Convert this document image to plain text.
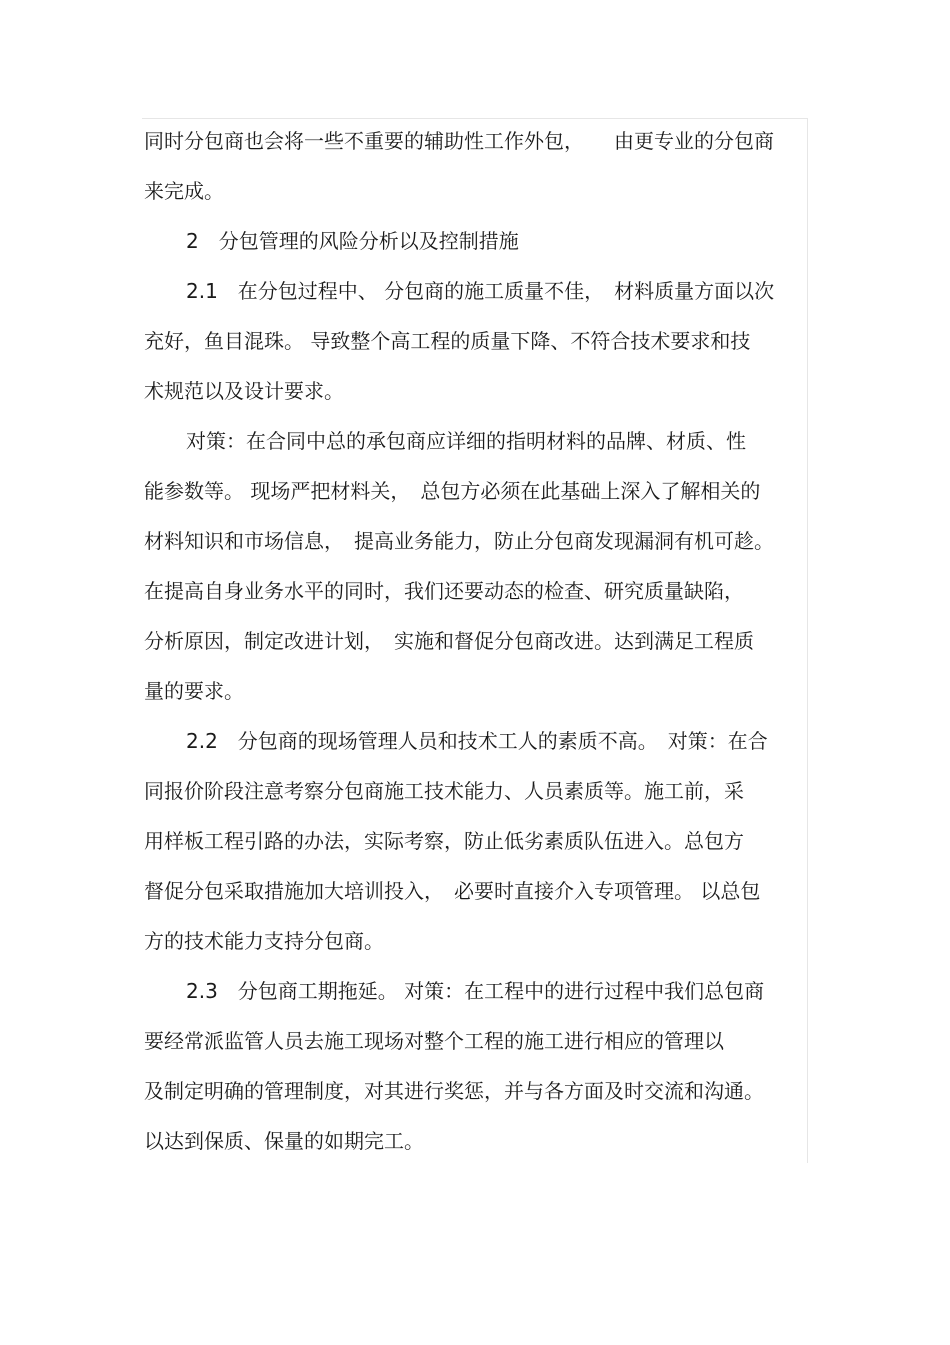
同时分包商也会将一些不重要的辅助性工作外包，　　由更专业的分包商
来完成。
2　分包管理的风险分析以及控制措施
2.1　在分包过程中、 分包商的施工质量不佳，　材料质量方面以次
充好，鱼目混珠。 导致整个高工程的质量下降、不符合技术要求和技
术规范以及设计要求。
对策：在合同中总的承包商应详细的指明材料的品牌、材质、性
能参数等。 现场严把材料关，　总包方必须在此基础上深入了解相关的
材料知识和市场信息，　提高业务能力，防止分包商发现漏洞有机可趁。
在提高自身业务水平的同时，我们还要动态的检查、研究质量缺陷，
分析原因，制定改进计划，　实施和督促分包商改进。达到满足工程质
量的要求。
2.2　分包商的现场管理人员和技术工人的素质不高。　对策：在合
同报价阶段注意考察分包商施工技术能力、人员素质等。施工前，采
用样板工程引路的办法，实际考察，防止低劣素质队伍进入。总包方
督促分包采取措施加大培训投入，　必要时直接介入专项管理。 以总包
方的技术能力支持分包商。
2.3　分包商工期拖延。 对策：在工程中的进行过程中我们总包商
要经常派监管人员去施工现场对整个工程的施工进行相应的管理以
及制定明确的管理制度，对其进行奖惩，并与各方面及时交流和沟通。
以达到保质、保量的如期完工。
